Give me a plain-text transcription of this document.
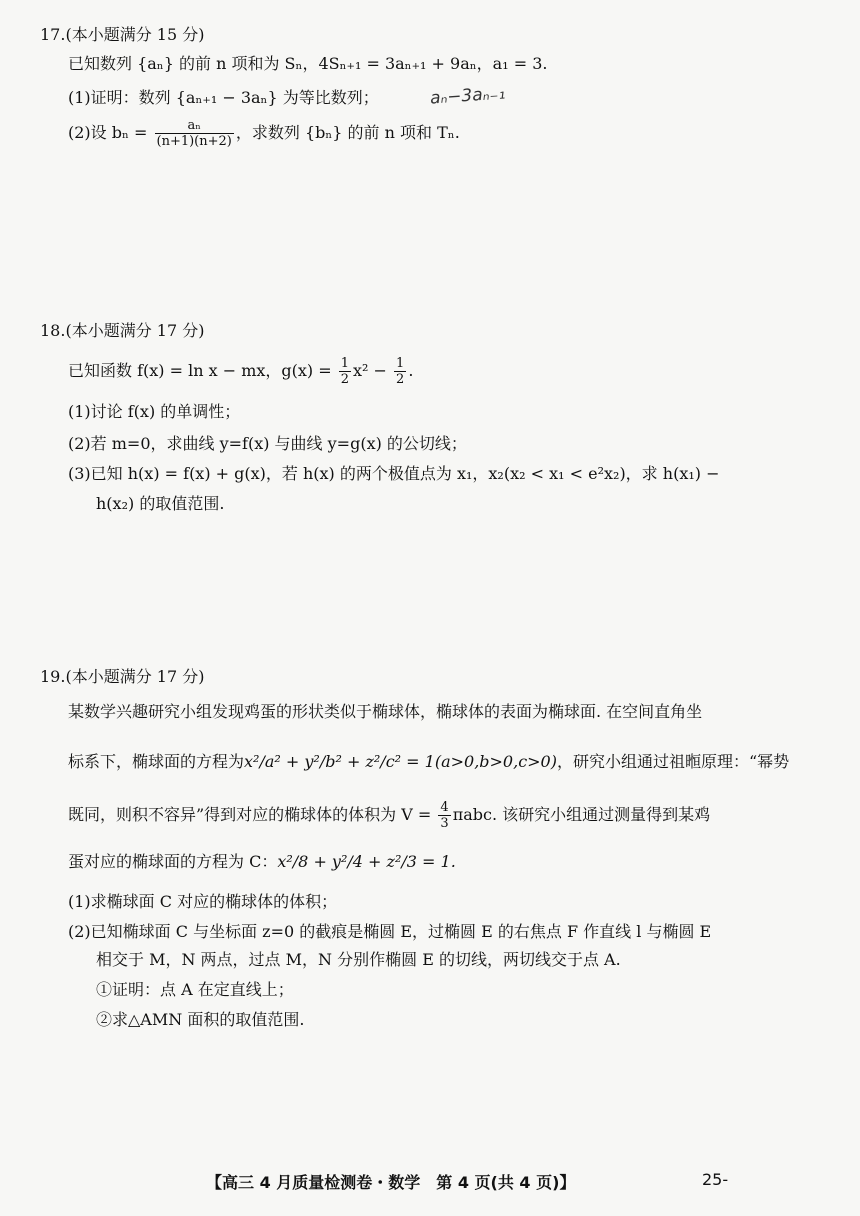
17.(本小题满分 15 分)
已知数列 {aₙ} 的前 n 项和为 Sₙ，4Sₙ₊₁ = 3aₙ₊₁ + 9aₙ，a₁ = 3.
(1)证明：数列 {aₙ₊₁ − 3aₙ} 为等比数列；	aₙ−3aₙ₋₁
(2)设 $b_n = \frac{\text{aₙ}}{(n+1)(n+2)}$ ，求数列 {bₙ} 的前 n 项和 Tₙ.
18.(本小题满分 17 分)
已知函数 f(x) = ln x − mx，$g(x) = \frac{1}{2} x^2 - \frac{1}{2}$ .
(1)讨论 f(x) 的单调性；
(2)若 m=0，求曲线 y=f(x) 与曲线 y=g(x) 的公切线；
(3)已知 h(x) = f(x) + g(x)，若 h(x) 的两个极值点为 x₁，x₂(x₂ < x₁ < e²x₂)，求 h(x₁) −
h(x₂) 的取值范围.
19.(本小题满分 17 分)
某数学兴趣研究小组发现鸡蛋的形状类似于椭球体，椭球体的表面为椭球面. 在空间直角坐
标系下，椭球面的方程为x²/a² + y²/b² + z²/c² = 1(a>0,b>0,c>0)，研究小组通过祖暅原理：“幂势
既同，则积不容异”得到对应的椭球体的体积为 $V = \frac{4}{3} \pi abc$. 该研究小组通过测量得到某鸡
蛋对应的椭球面的方程为 C：x²/8 + y²/4 + z²/3 = 1.
(1)求椭球面 C 对应的椭球体的体积；
(2)已知椭球面 C 与坐标面 z=0 的截痕是椭圆 E，过椭圆 E 的右焦点 F 作直线 l 与椭圆 E
相交于 M，N 两点，过点 M，N 分别作椭圆 E 的切线，两切线交于点 A.
①证明：点 A 在定直线上；
②求△AMN 面积的取值范围.
【高三 4 月质量检测卷・数学　第 4 页(共 4 页)】	25-
